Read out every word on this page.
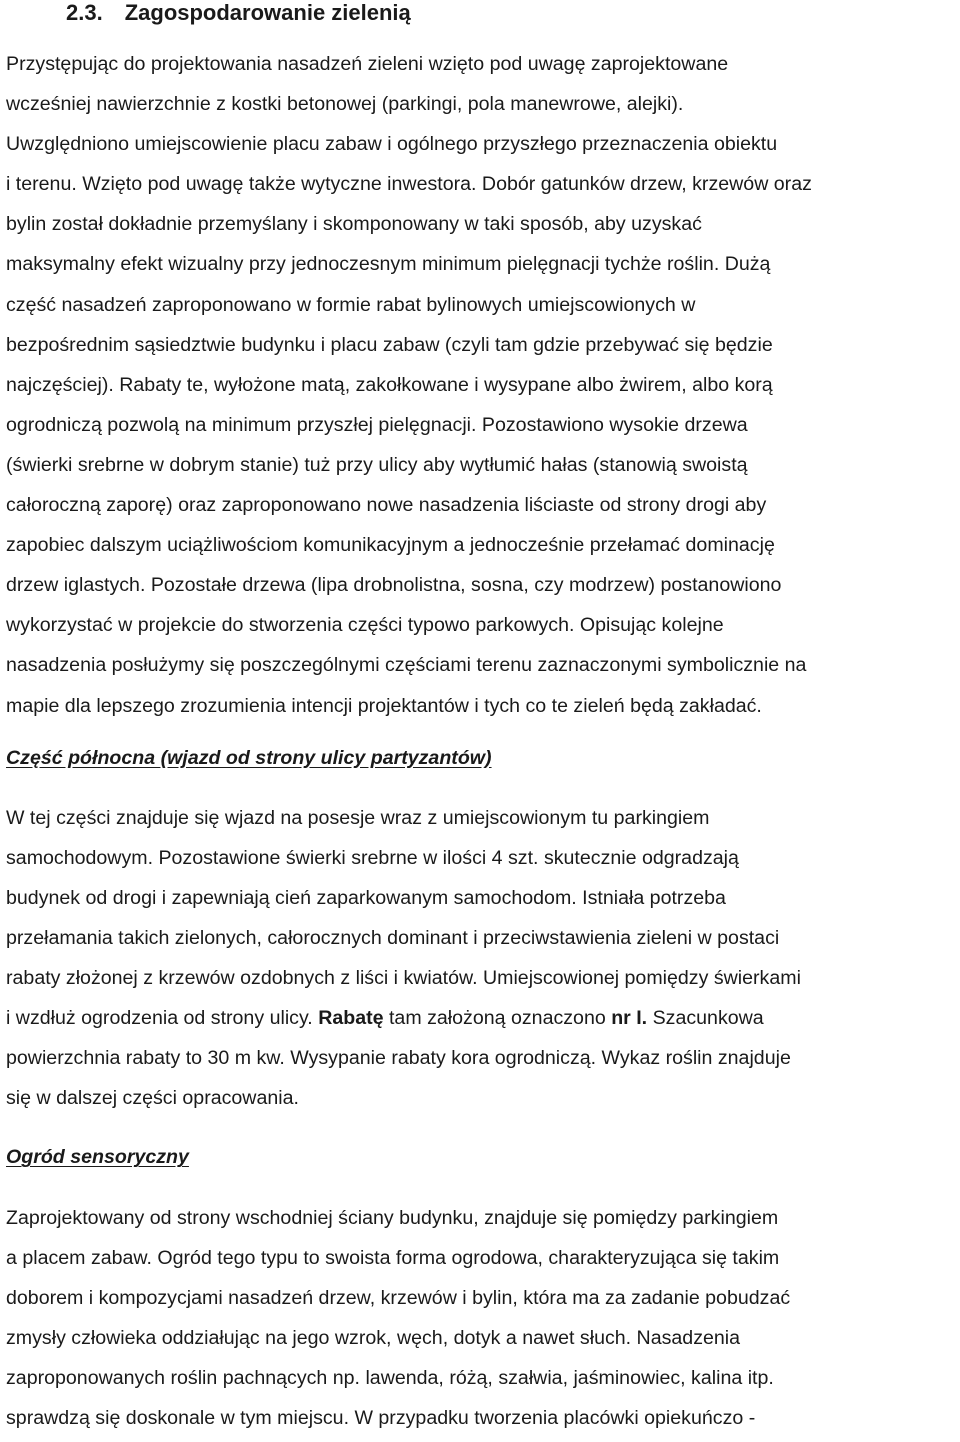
2.3. Zagospodarowanie zielenią

Przystępując do projektowania nasadzeń zieleni wzięto pod uwagę zaprojektowane
wcześniej nawierzchnie z kostki betonowej (parkingi, pola manewrowe, alejki).
Uwzględniono umiejscowienie placu zabaw i ogólnego przyszłego przeznaczenia obiektu
i terenu. Wzięto pod uwagę także wytyczne inwestora. Dobór gatunków drzew, krzewów oraz
bylin został dokładnie przemyślany i skomponowany w taki sposób, aby uzyskać
maksymalny efekt wizualny przy jednoczesnym minimum pielęgnacji tychże roślin. Dużą
część nasadzeń zaproponowano w formie rabat bylinowych umiejscowionych w
bezpośrednim sąsiedztwie budynku i placu zabaw (czyli tam gdzie przebywać się będzie
najczęściej). Rabaty te, wyłożone matą, zakołkowane i wysypane albo żwirem, albo korą
ogrodniczą pozwolą na minimum przyszłej pielęgnacji. Pozostawiono wysokie drzewa
(świerki srebrne w dobrym stanie) tuż przy ulicy aby wytłumić hałas (stanowią swoistą
całoroczną zaporę) oraz zaproponowano nowe nasadzenia liściaste od strony drogi aby
zapobiec dalszym uciążliwościom komunikacyjnym a jednocześnie przełamać dominację
drzew iglastych. Pozostałe drzewa (lipa drobnolistna, sosna, czy modrzew) postanowiono
wykorzystać w projekcie do stworzenia części typowo parkowych. Opisując kolejne
nasadzenia posłużymy się poszczególnymi częściami terenu zaznaczonymi symbolicznie na
mapie dla lepszego zrozumienia intencji projektantów i tych co te zieleń będą zakładać.

Część północna (wjazd od strony ulicy partyzantów)

W tej części znajduje się wjazd na posesje wraz z umiejscowionym tu parkingiem
samochodowym. Pozostawione świerki srebrne w ilości 4 szt. skutecznie odgradzają
budynek od drogi i zapewniają cień zaparkowanym samochodom. Istniała potrzeba
przełamania takich zielonych, całorocznych dominant i przeciwstawienia zieleni w postaci
rabaty złożonej z krzewów ozdobnych z liści i kwiatów. Umiejscowionej pomiędzy świerkami
i wzdłuż ogrodzenia od strony ulicy. Rabatę tam założoną oznaczono nr I. Szacunkowa
powierzchnia rabaty to 30 m kw. Wysypanie rabaty kora ogrodniczą. Wykaz roślin znajduje
się w dalszej części opracowania.

Ogród sensoryczny

Zaprojektowany od strony wschodniej ściany budynku, znajduje się pomiędzy parkingiem
a placem zabaw. Ogród tego typu to swoista forma ogrodowa, charakteryzująca się takim
doborem i kompozycjami nasadzeń drzew, krzewów i bylin, która ma za zadanie pobudzać
zmysły człowieka oddziałując na jego wzrok, węch, dotyk a nawet słuch. Nasadzenia
zaproponowanych roślin pachnących np. lawenda, różą, szałwia, jaśminowiec, kalina itp.
sprawdzą się doskonale w tym miejscu. W przypadku tworzenia placówki opiekuńczo -
